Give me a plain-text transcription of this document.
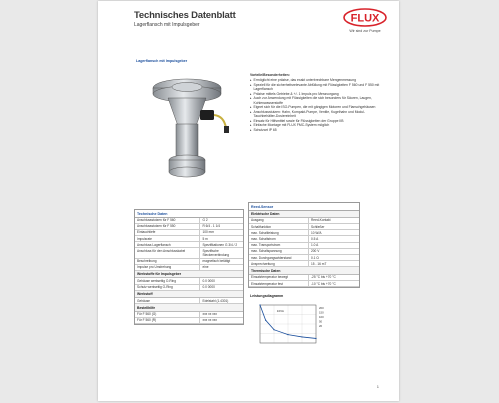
Technisches Datenblatt
Lagerflansch mit Impulsgeber
FLUX
Wir sind zur Pumpe
Lagerflansch mit Impulsgeber
Vorteile/Besonderheiten:
▸ Ermöglicht eine präzise, das exakt unterbrechbare Mengenmessung
▸ Speziell für die sicherheitsrelevante Abfüllung mit Flüssigkeiten F 560 und F 550 mit Lagerflansch
▸ Präzise mittels Getriebe & +/- 1 Impuls pro Messvorgang
▸ Auch zur Anwendung mit Flüssigkeiten die sich besonders für Säuren, Laugen, Kohlenwasserstoffe
▸ Eignet sich für die ISO-Pumpen, die mit gängigen Motoren und Flanschgehäusen
▸ Anschlussstutzen: Hahn, Kompakt-Pumpe, Ventile, Kugelhahn und Modul-Tauchbehälter-Dosiereinheit
▸ Einsatz für Hilfsmittel sowie für Flüssigkeiten der Gruppe IIB
▸ Einfache Montage mit FLUX FMC-System möglich
▸ Schutzart IP 65
Technische Daten
Anschlussstutzen für F 560	G 2
Anschlussstutzen für F 550	R 6/4 - 1 1/4
Eintauchtiefe	100 mm
Impulsrate	5 m
Anschluss Lagerflansch	Spezifikationen G 3/4 / 2
Anschluss für den Anschlusskabel	Spezifische Steckerverbindung
Beschreibung	magnetisch betätigt
Impulse pro Umdrehung	eine
Werkstoffe für Impulsgeber
Gehäuse werkseitig O-Ring	0.0 0000
Schutz werkseitig O-Ring	0.0 0000
Werkstoff
Gehäuse	Edelstahl (1.4301)
Bestellhilfe
Für F 560 (G)	xxx xx xxx
Für F 560 (R)	xxx xx xxx
Reed-Sensor
Elektrische Daten
Ausgang	Reed-Kontakt
Schaltfunktion	Schließer
max. Schaltleistung	10 W/A
max. Schaltstrom	0.5 A
max. Transportstrom	1.0 A
max. Schaltspannung	200 V
max. Durchgangswiderstand	0.1 Ω
Ansprechzeitung	15 - 16 mT
Thermische Daten
Einsatztemperatur bewegt	-25 °C bis +70 °C
Einsatztemperatur fest	-10 °C bis +70 °C
Leistungsdiagramm
10VA
200
150
100
50
20
1
